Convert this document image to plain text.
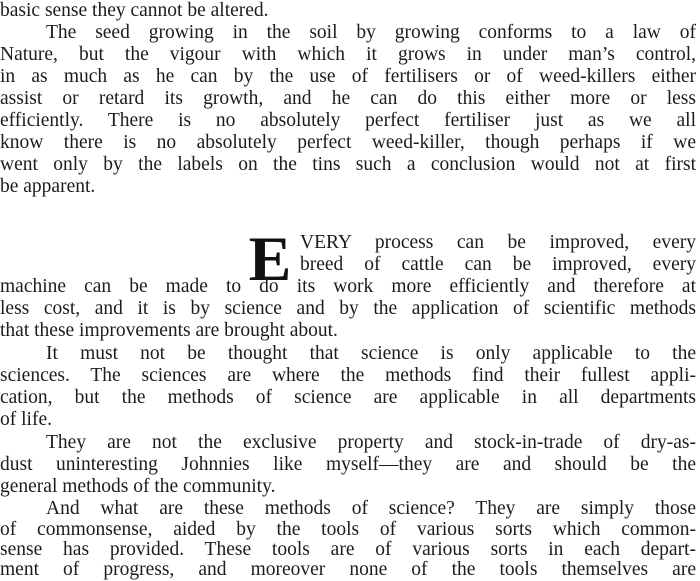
basic sense they cannot be altered.
The seed growing in the soil by growing conforms to a law of
Nature, but the vigour with which it grows in under man’s control,
in as much as he can by the use of fertilisers or of weed-killers either
assist or retard its growth, and he can do this either more or less
efficiently. There is no absolutely perfect fertiliser just as we all
know there is no absolutely perfect weed-killer, though perhaps if we
went only by the labels on the tins such a conclusion would not at first
be apparent.
E VERY process can be improved, every
breed of cattle can be improved, every
machine can be made to do its work more efficiently and therefore at
less cost, and it is by science and by the application of scientific methods
that these improvements are brought about.
It must not be thought that science is only applicable to the
sciences. The sciences are where the methods find their fullest appli-
cation, but the methods of science are applicable in all departments
of life.
They are not the exclusive property and stock-in-trade of dry-as-
dust uninteresting Johnnies like myself—they are and should be the
general methods of the community.
And what are these methods of science? They are simply those
of commonsense, aided by the tools of various sorts which common-
sense has provided. These tools are of various sorts in each depart-
ment of progress, and moreover none of the tools themselves are
